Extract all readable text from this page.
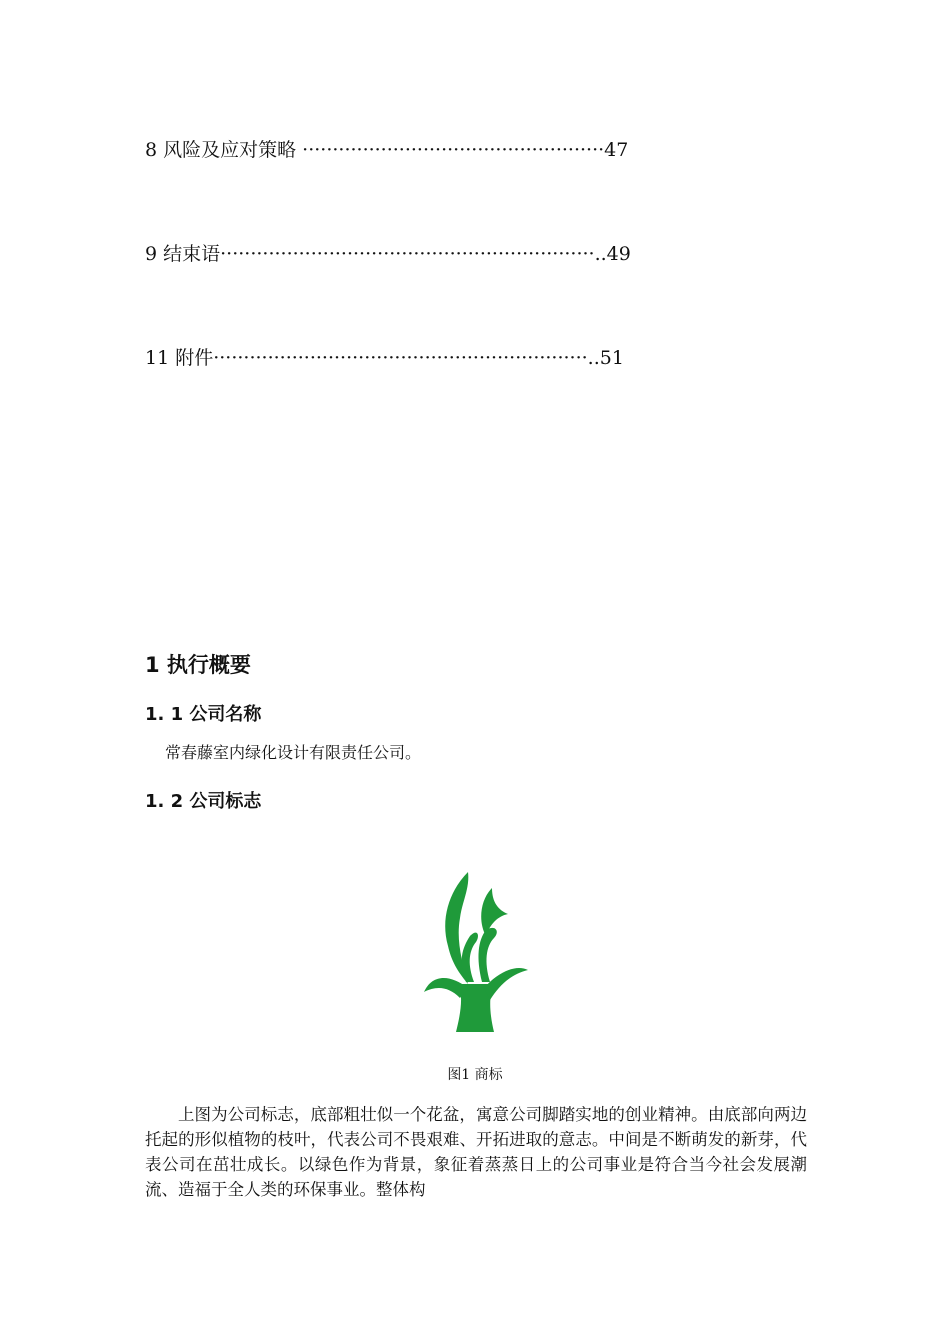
8 风险及应对策略 ··················································47
9 结束语······························································..49
11 附件······························································..51
1 执行概要
1. 1 公司名称
常春藤室内绿化设计有限责任公司。
1. 2 公司标志
图1 商标
上图为公司标志，底部粗壮似一个花盆，寓意公司脚踏实地的创业精神。由底部向两边托起的形似植物的枝叶，代表公司不畏艰难、开拓进取的意志。中间是不断萌发的新芽，代表公司在茁壮成长。以绿色作为背景，象征着蒸蒸日上的公司事业是符合当今社会发展潮流、造福于全人类的环保事业。整体构
